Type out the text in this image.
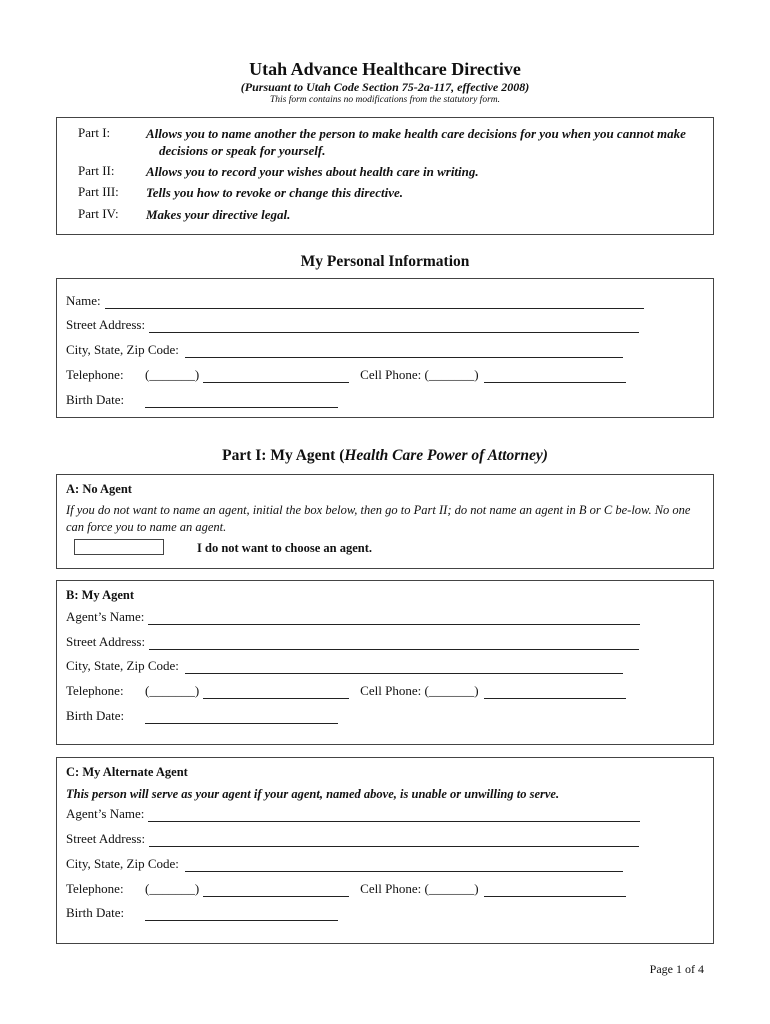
Utah Advance Healthcare Directive
(Pursuant to Utah Code Section 75-2a-117, effective 2008)
This form contains no modifications from the statutory form.
Part I:	Allows you to name another the person to make health care decisions for you when you cannot make     decisions or speak for yourself.
Part II:	Allows you to record your wishes about health care in writing.
Part III:	Tells you how to revoke or change this directive.
Part IV:	Makes your directive legal.
My Personal Information
Name:
Street Address:
City, State, Zip Code:
Telephone:	(_______)	Cell Phone: (_______)
Birth Date:
Part I: My Agent (Health Care Power of Attorney)
A: No Agent
If you do not want to name an agent, initial the box below, then go to Part II; do not name an agent in B or C be-low. No one can force you to name an agent.
I do not want to choose an agent.
B: My Agent
Agent’s Name:
Street Address:
City, State, Zip Code:
Telephone:	(_______)	Cell Phone: (_______)
Birth Date:
C: My Alternate Agent
This person will serve as your agent if your agent, named above, is unable or unwilling to serve.
Agent’s Name:
Street Address:
City, State, Zip Code:
Telephone:	(_______)	Cell Phone: (_______)
Birth Date:
Page 1 of 4
